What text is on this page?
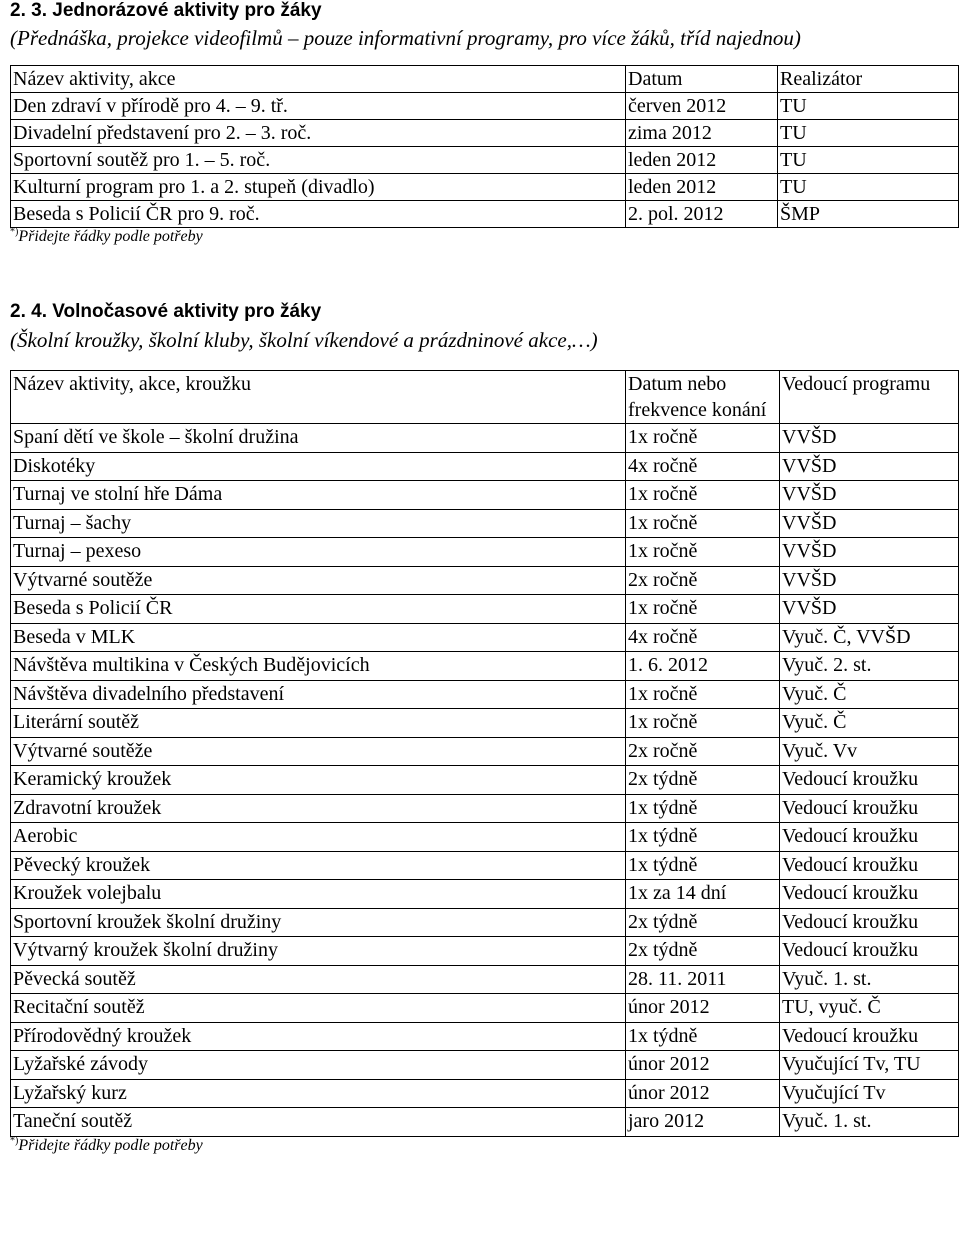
2. 3. Jednorázové aktivity pro žáky

(Přednáška, projekce videofilmů – pouze informativní programy, pro více žáků, tříd najednou)

Název aktivity, akce	Datum	Realizátor
Den zdraví v přírodě pro 4. – 9. tř.	červen 2012	TU
Divadelní představení pro 2. – 3. roč.	zima 2012	TU
Sportovní soutěž pro 1. – 5. roč.	leden 2012	TU
Kulturní program pro 1. a 2. stupeň (divadlo)	leden 2012	TU
Beseda s Policií ČR pro 9. roč.	2. pol. 2012	ŠMP

*)Přidejte řádky podle potřeby

2. 4. Volnočasové aktivity pro žáky

(Školní kroužky, školní kluby, školní víkendové a prázdninové akce,…)

Název aktivity, akce, kroužku	Datum nebo frekvence konání	Vedoucí programu
Spaní dětí ve škole – školní družina	1x ročně	VVŠD
Diskotéky	4x ročně	VVŠD
Turnaj ve stolní hře Dáma	1x ročně	VVŠD
Turnaj – šachy	1x ročně	VVŠD
Turnaj – pexeso	1x ročně	VVŠD
Výtvarné soutěže	2x ročně	VVŠD
Beseda s Policií ČR	1x ročně	VVŠD
Beseda v MLK	4x ročně	Vyuč. Č, VVŠD
Návštěva multikina v Českých Budějovicích	1. 6. 2012	Vyuč. 2. st.
Návštěva divadelního představení	1x ročně	Vyuč. Č
Literární soutěž	1x ročně	Vyuč. Č
Výtvarné soutěže	2x ročně	Vyuč. Vv
Keramický kroužek	2x týdně	Vedoucí kroužku
Zdravotní kroužek	1x týdně	Vedoucí kroužku
Aerobic	1x týdně	Vedoucí kroužku
Pěvecký kroužek	1x týdně	Vedoucí kroužku
Kroužek volejbalu	1x za 14 dní	Vedoucí kroužku
Sportovní kroužek školní družiny	2x týdně	Vedoucí kroužku
Výtvarný kroužek školní družiny	2x týdně	Vedoucí kroužku
Pěvecká soutěž	28. 11. 2011	Vyuč. 1. st.
Recitační soutěž	únor 2012	TU, vyuč. Č
Přírodovědný kroužek	1x týdně	Vedoucí kroužku
Lyžařské závody	únor 2012	Vyučující Tv, TU
Lyžařský kurz	únor 2012	Vyučující Tv
Taneční soutěž	jaro 2012	Vyuč. 1. st.

*)Přidejte řádky podle potřeby
